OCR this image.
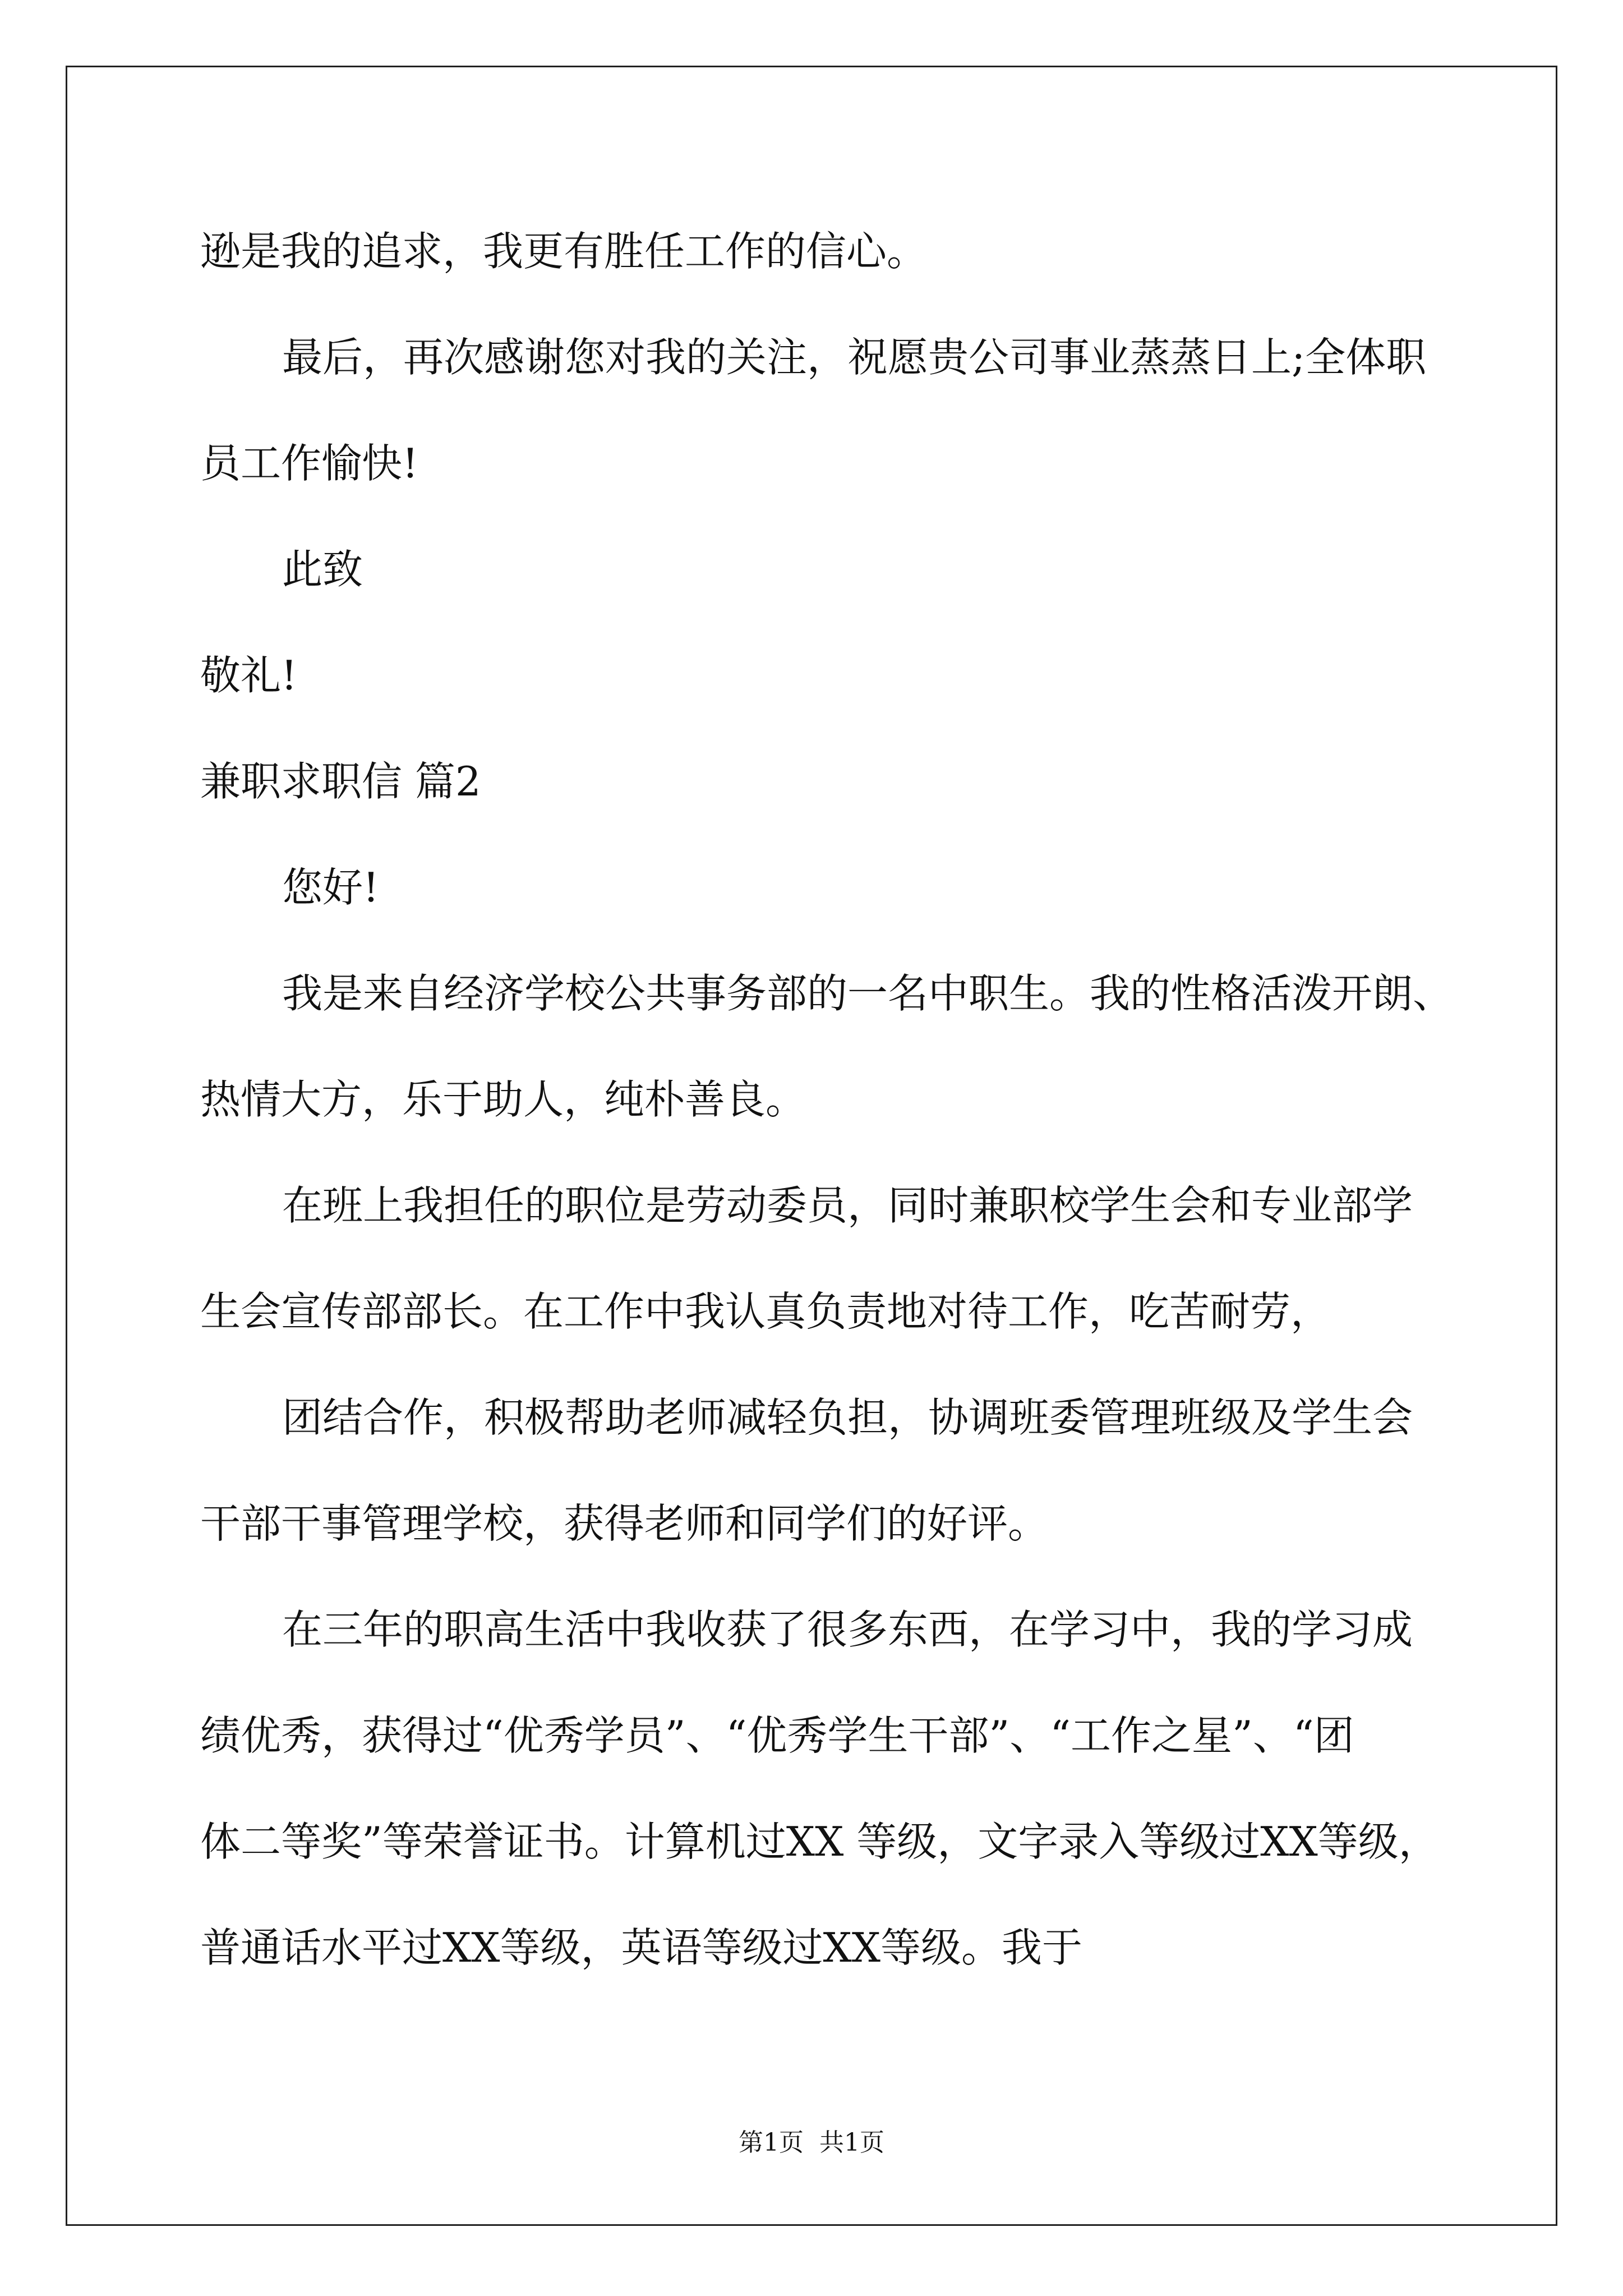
逊是我的追求，我更有胜任工作的信心。
最后，再次感谢您对我的关注，祝愿贵公司事业蒸蒸日上;全体职
员工作愉快!
此致
敬礼!
兼职求职信 篇2
您好!
我是来自经济学校公共事务部的一名中职生。我的性格活泼开朗、
热情大方，乐于助人，纯朴善良。
在班上我担任的职位是劳动委员，同时兼职校学生会和专业部学
生会宣传部部长。在工作中我认真负责地对待工作，吃苦耐劳，
团结合作，积极帮助老师减轻负担，协调班委管理班级及学生会
干部干事管理学校，获得老师和同学们的好评。
在三年的职高生活中我收获了很多东西，在学习中，我的学习成
绩优秀，获得过“优秀学员”、“优秀学生干部”、“工作之星”、“团
体二等奖”等荣誉证书。计算机过XX 等级，文字录入等级过XX等级，
普通话水平过XX等级，英语等级过XX等级。我于
第1页  共1页
